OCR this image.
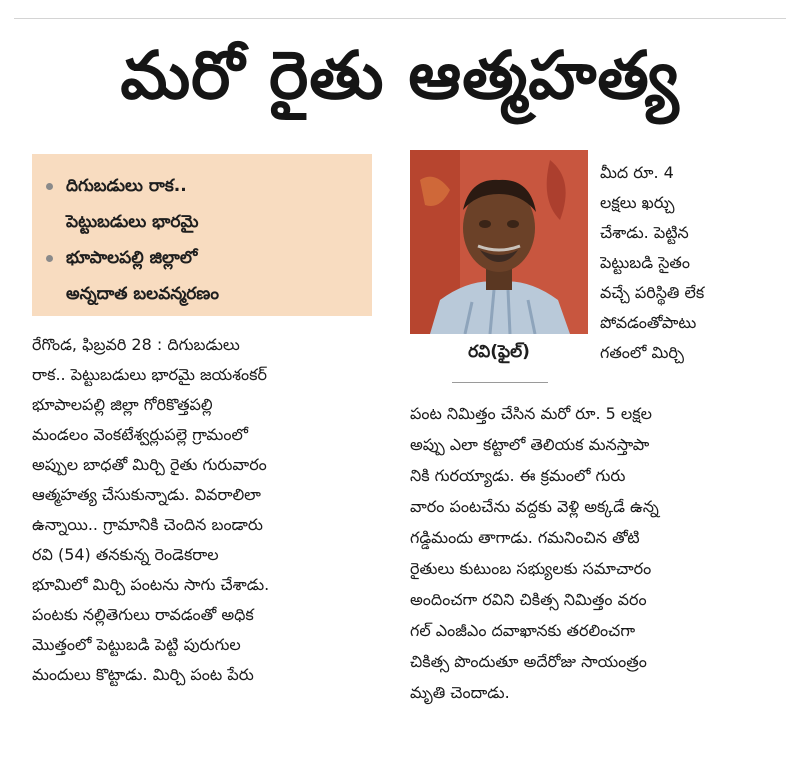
మరో రైతు ఆత్మహత్య
దిగుబడులు రాక..
పెట్టుబడులు భారమై
భూపాలపల్లి జిల్లాలో
అన్నదాత బలవన్మరణం

రేగొండ, ఫిబ్రవరి 28 : దిగుబడులు
రాక.. పెట్టుబడులు భారమై జయశంకర్
భూపాలపల్లి జిల్లా గోరికొత్తపల్లి
మండలం వెంకటేశ్వర్లుపల్లె గ్రామంలో
అప్పుల బాధతో మిర్చి రైతు గురువారం
ఆత్మహత్య చేసుకున్నాడు. వివరాలిలా
ఉన్నాయి.. గ్రామానికి చెందిన బండారు
రవి (54) తనకున్న రెండెకరాల
భూమిలో మిర్చి పంటను సాగు చేశాడు.
పంటకు నల్లితెగులు రావడంతో అధిక
మొత్తంలో పెట్టుబడి పెట్టి పురుగుల
మందులు కొట్టాడు. మిర్చి పంట పేరు

రవి(ఫైల్)

మీద రూ. 4
లక్షలు ఖర్చు
చేశాడు. పెట్టిన
పెట్టుబడి సైతం
వచ్చే పరిస్థితి లేక
పోవడంతోపాటు
గతంలో మిర్చి

పంట నిమిత్తం చేసిన మరో రూ. 5 లక్షల
అప్పు ఎలా కట్టాలో తెలియక మనస్తాపా
నికి గురయ్యాడు. ఈ క్రమంలో గురు
వారం పంటచేను వద్దకు వెళ్లి అక్కడే ఉన్న
గడ్డిమందు తాగాడు. గమనించిన తోటి
రైతులు కుటుంబ సభ్యులకు సమాచారం
అందించగా రవిని చికిత్స నిమిత్తం వరం
గల్ ఎంజీఎం దవాఖానకు తరలించగా
చికిత్స పొందుతూ అదేరోజు సాయంత్రం
మృతి చెందాడు.
